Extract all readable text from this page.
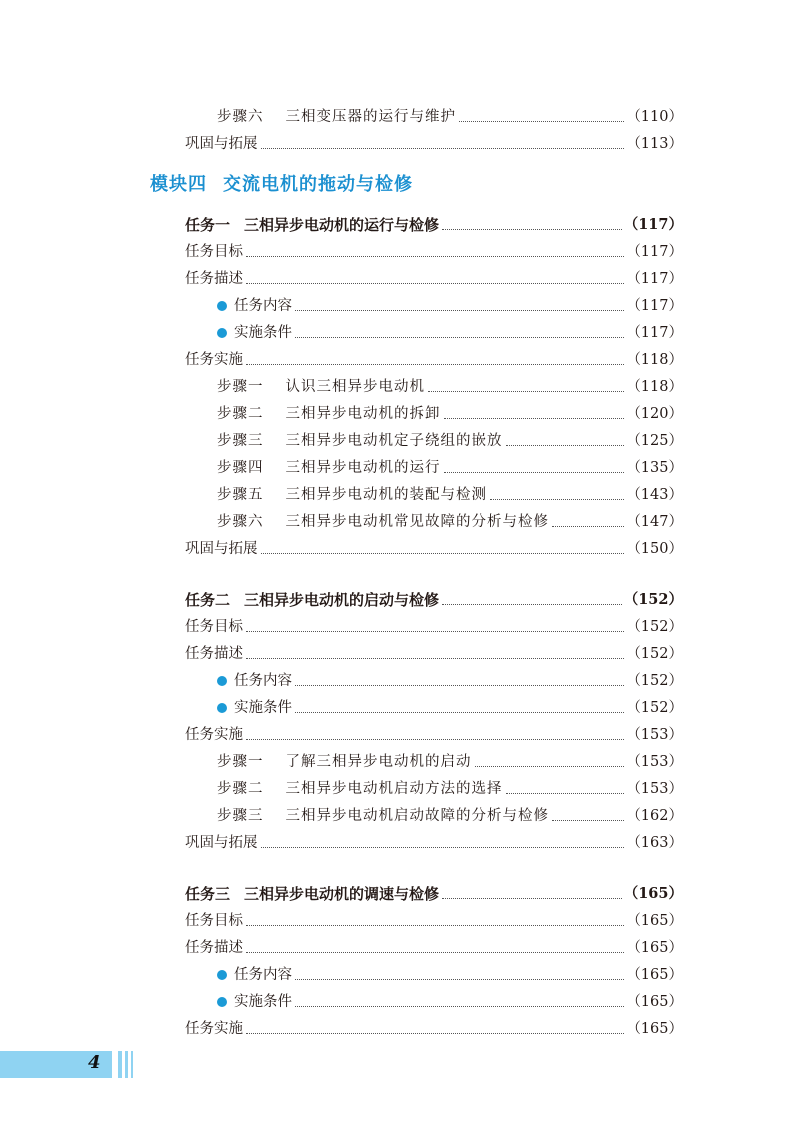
模块四 交流电机的拖动与检修
步骤六 三相变压器的运行与维护	（110）
巩固与拓展	（113）
任务一 三相异步电动机的运行与检修	（117）
任务目标	（117）
任务描述	（117）
任务内容	（117）
实施条件	（117）
任务实施	（118）
步骤一 认识三相异步电动机	（118）
步骤二 三相异步电动机的拆卸	（120）
步骤三 三相异步电动机定子绕组的嵌放	（125）
步骤四 三相异步电动机的运行	（135）
步骤五 三相异步电动机的装配与检测	（143）
步骤六 三相异步电动机常见故障的分析与检修	（147）
巩固与拓展	（150）
任务二 三相异步电动机的启动与检修	（152）
任务目标	（152）
任务描述	（152）
任务内容	（152）
实施条件	（152）
任务实施	（153）
步骤一 了解三相异步电动机的启动	（153）
步骤二 三相异步电动机启动方法的选择	（153）
步骤三 三相异步电动机启动故障的分析与检修	（162）
巩固与拓展	（163）
任务三 三相异步电动机的调速与检修	（165）
任务目标	（165）
任务描述	（165）
任务内容	（165）
实施条件	（165）
任务实施	（165）
4
